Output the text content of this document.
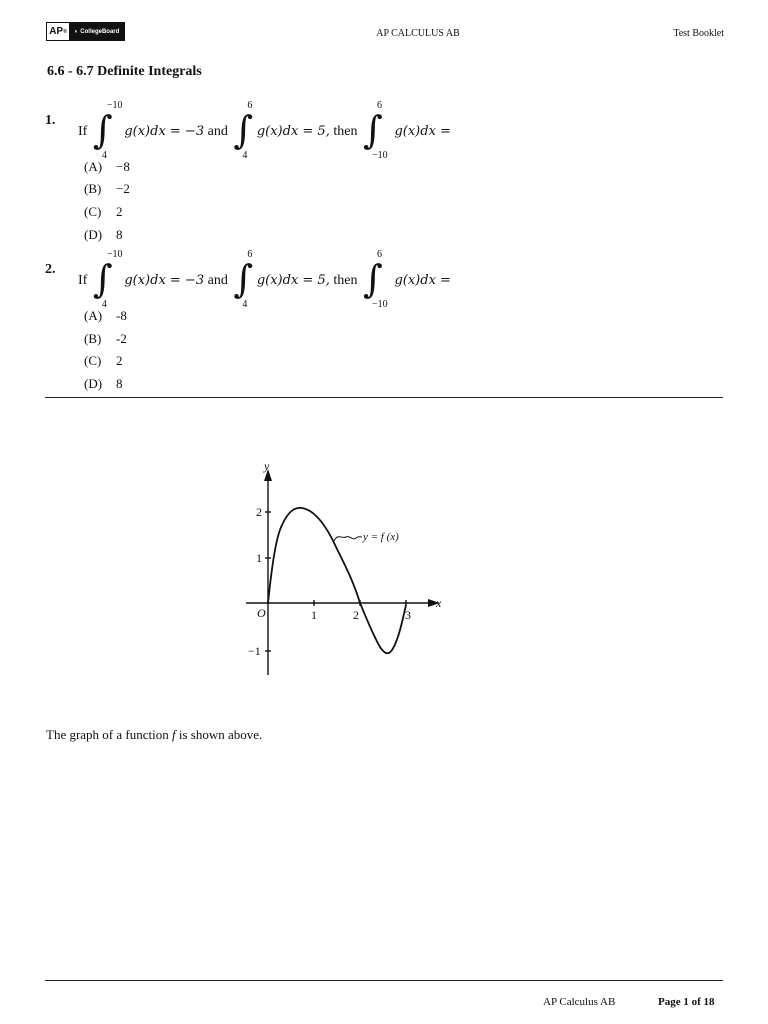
AP ® ◐ CollegeBoard	AP CALCULUS AB	Test Booklet
6.6 - 6.7 Definite Integrals
1.
If ∫
−10
4
g(x)dx = −3 and ∫
6
4
g(x)dx = 5, then ∫
6
−10
g(x)dx =
(A) −8
(B) −2
(C) 2
(D) 8
2.
If ∫
−10
4
g(x)dx = −3 and ∫
6
4
g(x)dx = 5, then ∫
6
−10
g(x)dx =
(A) -8
(B) -2
(C) 2
(D) 8
y
x
O	1	2	3
2
1
−1
y = f (x)
The graph of a function f is shown above.
AP Calculus AB	Page 1 of 18
